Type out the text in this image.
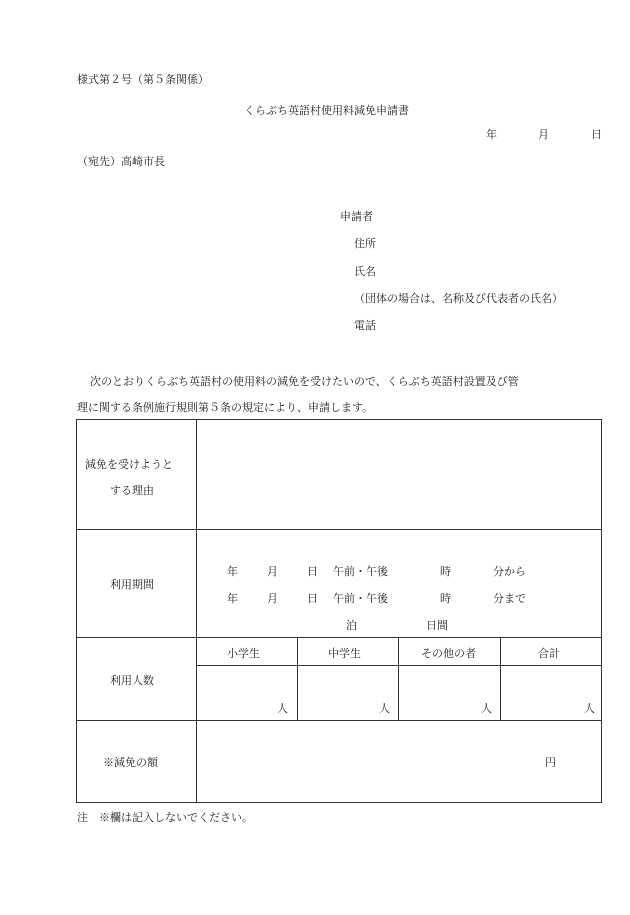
様式第２号（第５条関係）
くらぶち英語村使用料減免申請書
年	月	日
（宛先）高崎市長
申請者
住所
氏名
（団体の場合は、名称及び代表者の氏名）
電話
次のとおりくらぶち英語村の使用料の減免を受けたいので、くらぶち英語村設置及び管
理に関する条例施行規則第５条の規定により、申請します。
減免を受けようと
する理由
利用期間
年	月	日 午前・午後	時	分から
年	月	日 午前・午後	時	分まで
泊	日間
利用人数
小学生	中学生	その他の者	合計
人	人	人	人
※減免の額	円
注　※欄は記入しないでください。
